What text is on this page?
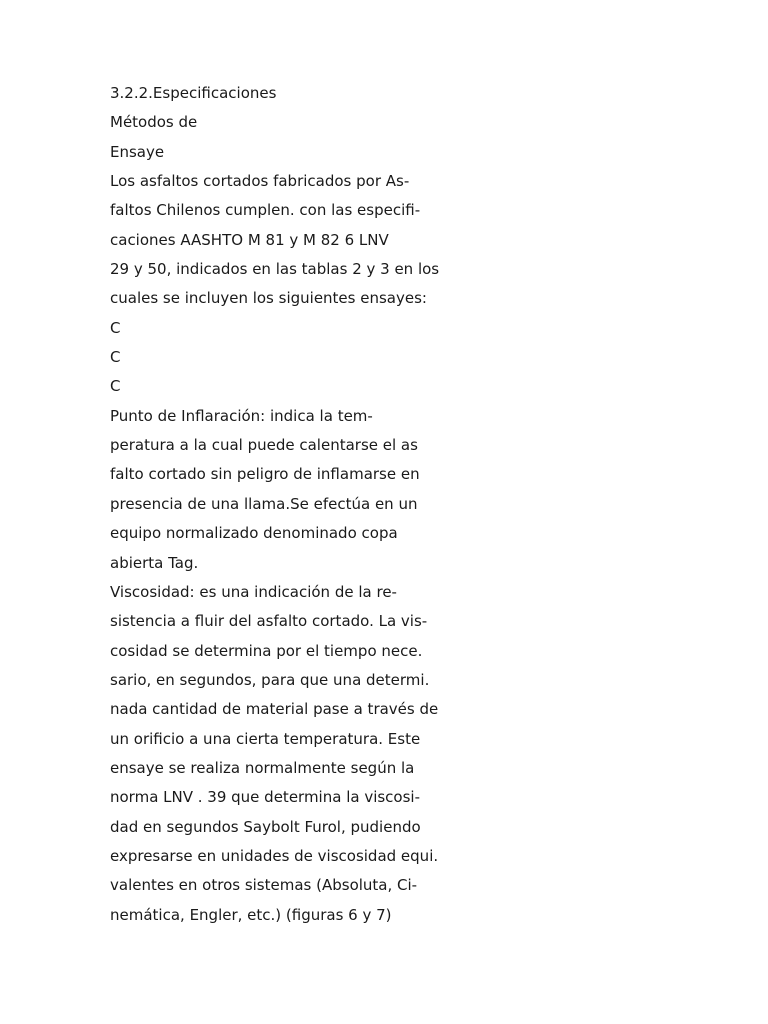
3.2.2.Especificaciones
Métodos de
Ensaye
Los asfaltos cortados fabricados por As-
faltos Chilenos cumplen. con las especifi-
caciones AASHTO M 81 y M 82 6 LNV
29 y 50, indicados en las tablas 2 y 3 en los
cuales se incluyen los siguientes ensayes:
C
C
C
Punto de Inflaración: indica la tem-
peratura a la cual puede calentarse el as
falto cortado sin peligro de inflamarse en
presencia de una llama.Se efectúa en un
equipo normalizado denominado copa
abierta Tag.
Viscosidad: es una indicación de la re-
sistencia a fluir del asfalto cortado. La vis-
cosidad se determina por el tiempo nece.
sario, en segundos, para que una determi.
nada cantidad de material pase a través de
un orificio a una cierta temperatura. Este
ensaye se realiza normalmente según la
norma LNV . 39 que determina la viscosi-
dad en segundos Saybolt Furol, pudiendo
expresarse en unidades de viscosidad equi.
valentes en otros sistemas (Absoluta, Ci-
nemática, Engler, etc.) (figuras 6 y 7)
